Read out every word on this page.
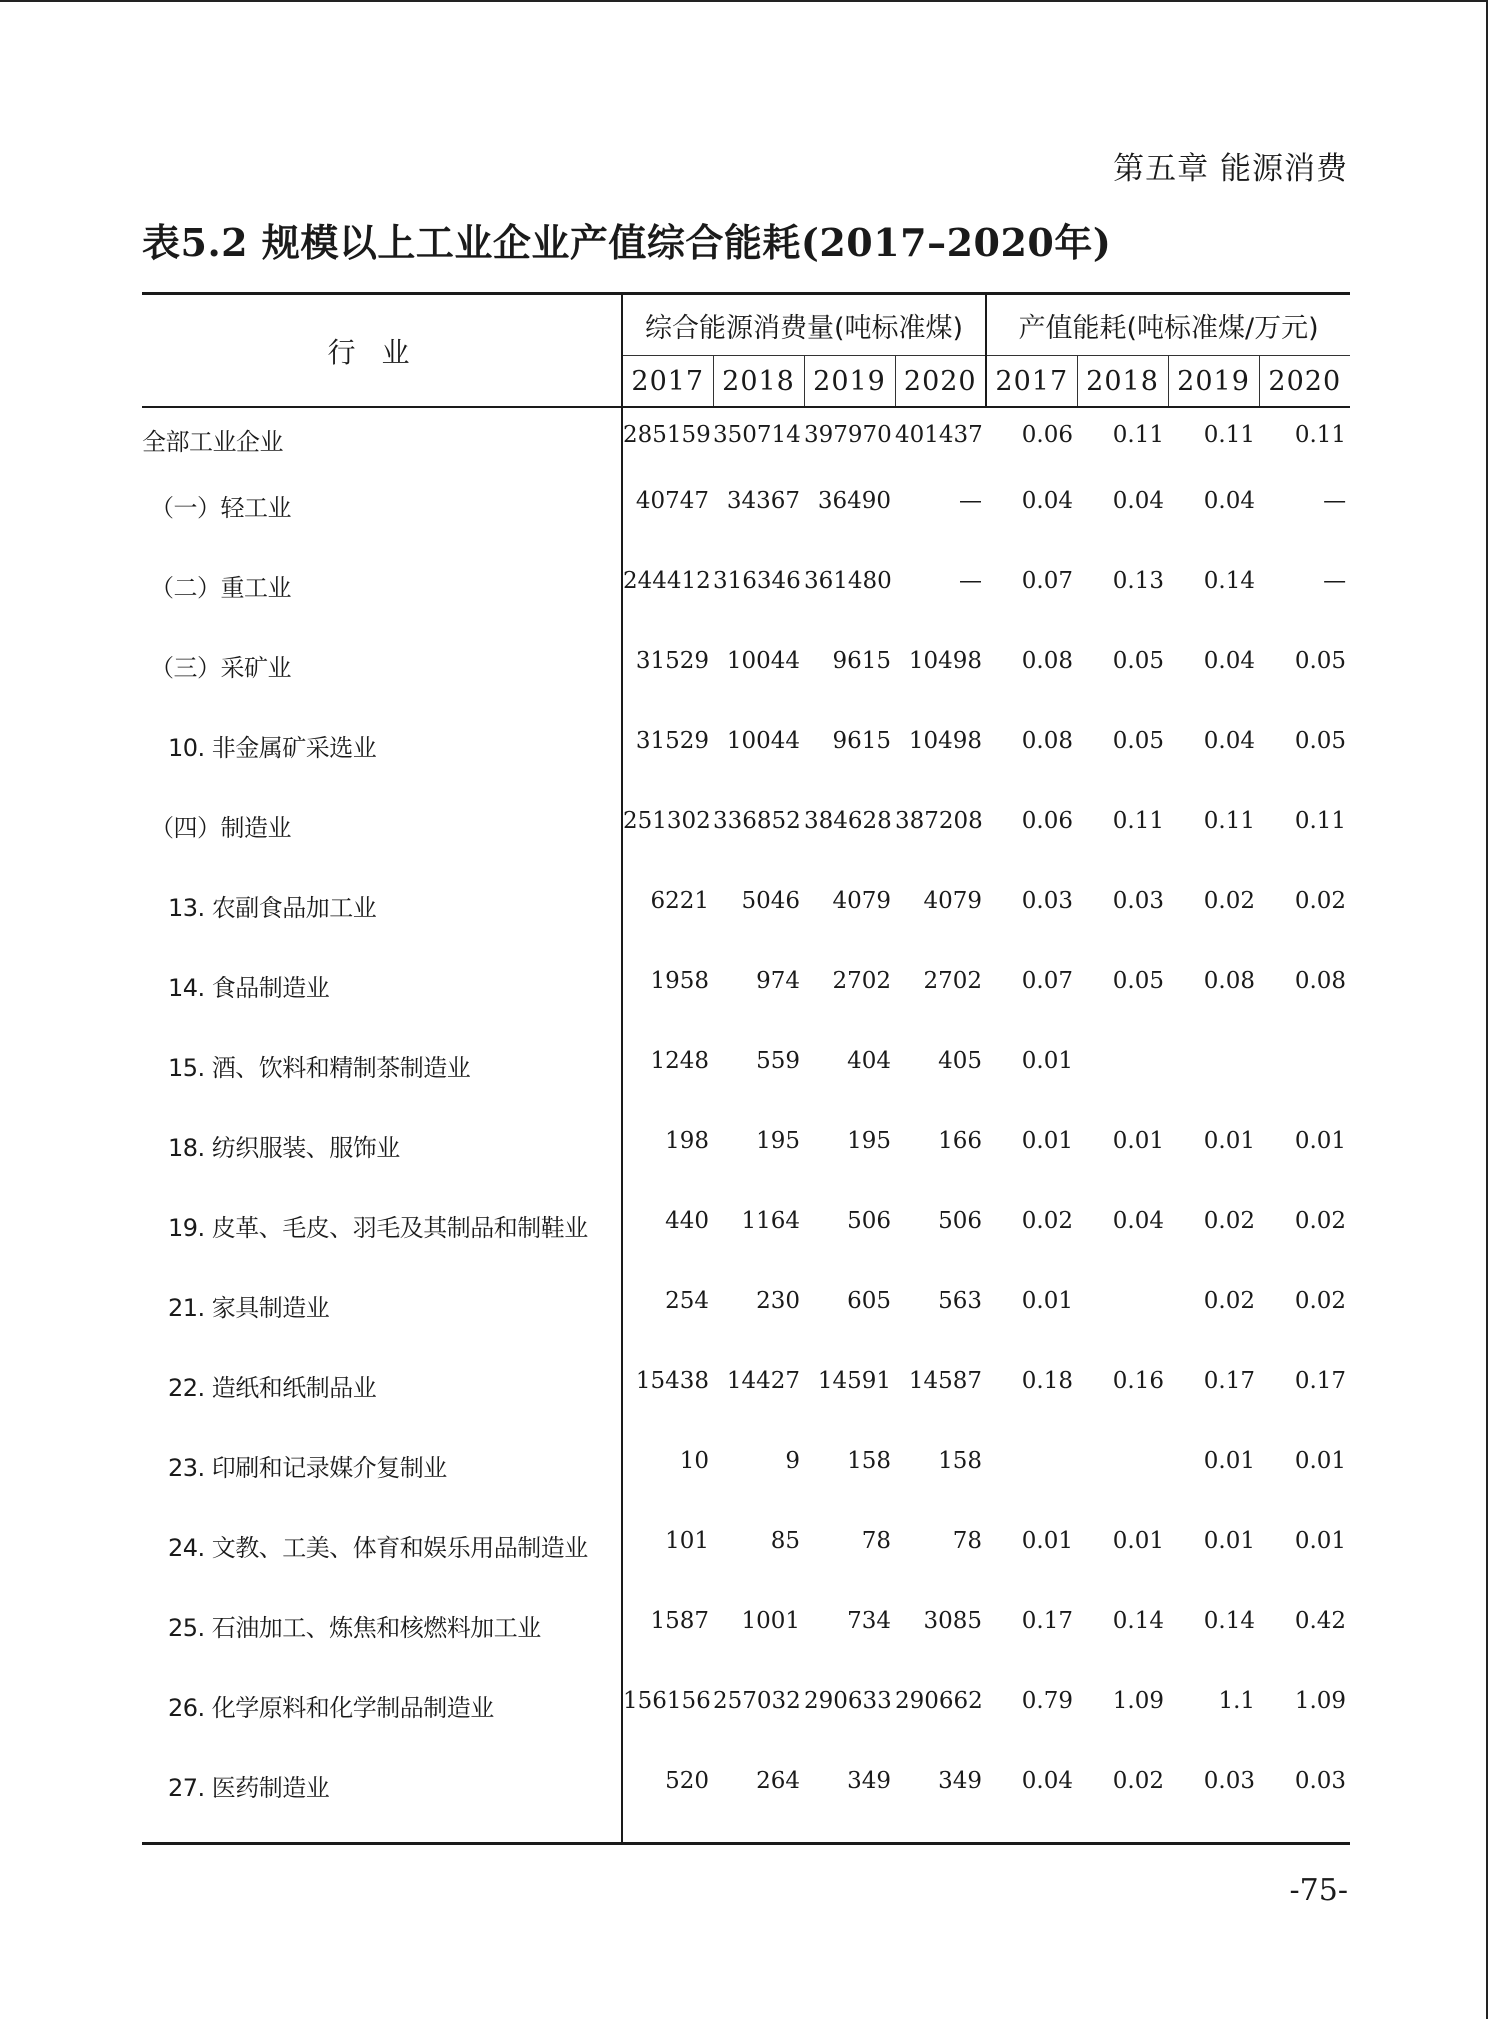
第五章 能源消费
表5.2 规模以上工业企业产值综合能耗(2017–2020年)
行业	综合能源消费量(吨标准煤)				产值能耗(吨标准煤/万元)			
	2017	2018	2019	2020	2017	2018	2019	2020
全部工业企业	285159	350714	397970	401437	0.06	0.11	0.11	0.11
（一）轻工业	40747	34367	36490	—	0.04	0.04	0.04	—
（二）重工业	244412	316346	361480	—	0.07	0.13	0.14	—
（三）采矿业	31529	10044	9615	10498	0.08	0.05	0.04	0.05
10. 非金属矿采选业	31529	10044	9615	10498	0.08	0.05	0.04	0.05
（四）制造业	251302	336852	384628	387208	0.06	0.11	0.11	0.11
13. 农副食品加工业	6221	5046	4079	4079	0.03	0.03	0.02	0.02
14. 食品制造业	1958	974	2702	2702	0.07	0.05	0.08	0.08
15. 酒、饮料和精制茶制造业	1248	559	404	405	0.01			
18. 纺织服装、服饰业	198	195	195	166	0.01	0.01	0.01	0.01
19. 皮革、毛皮、羽毛及其制品和制鞋业	440	1164	506	506	0.02	0.04	0.02	0.02
21. 家具制造业	254	230	605	563	0.01		0.02	0.02
22. 造纸和纸制品业	15438	14427	14591	14587	0.18	0.16	0.17	0.17
23. 印刷和记录媒介复制业	10	9	158	158			0.01	0.01
24. 文教、工美、体育和娱乐用品制造业	101	85	78	78	0.01	0.01	0.01	0.01
25. 石油加工、炼焦和核燃料加工业	1587	1001	734	3085	0.17	0.14	0.14	0.42
26. 化学原料和化学制品制造业	156156	257032	290633	290662	0.79	1.09	1.1	1.09
27. 医药制造业	520	264	349	349	0.04	0.02	0.03	0.03
-75-
